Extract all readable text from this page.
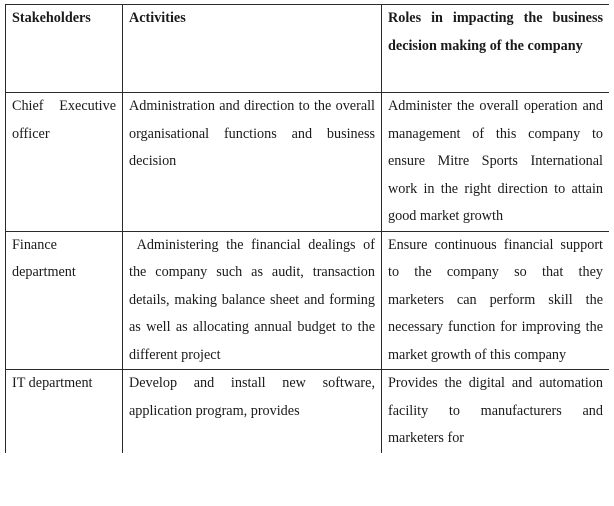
Stakeholders	Activities	Roles in impacting the business decision making of the company
Chief Executive officer	Administration and direction to the overall organisational functions and business decision	Administer the overall operation and management of this company to ensure Mitre Sports International work in the right direction to attain good market growth
Finance department	Administering the financial dealings of the company such as audit, transaction details, making balance sheet and forming as well as allocating annual budget to the different project	Ensure continuous financial support to the company so that they marketers can perform skill the necessary function for improving the market growth of this company
IT department	Develop and install new software, application program, provides	Provides the digital and automation facility to manufacturers and marketers for
